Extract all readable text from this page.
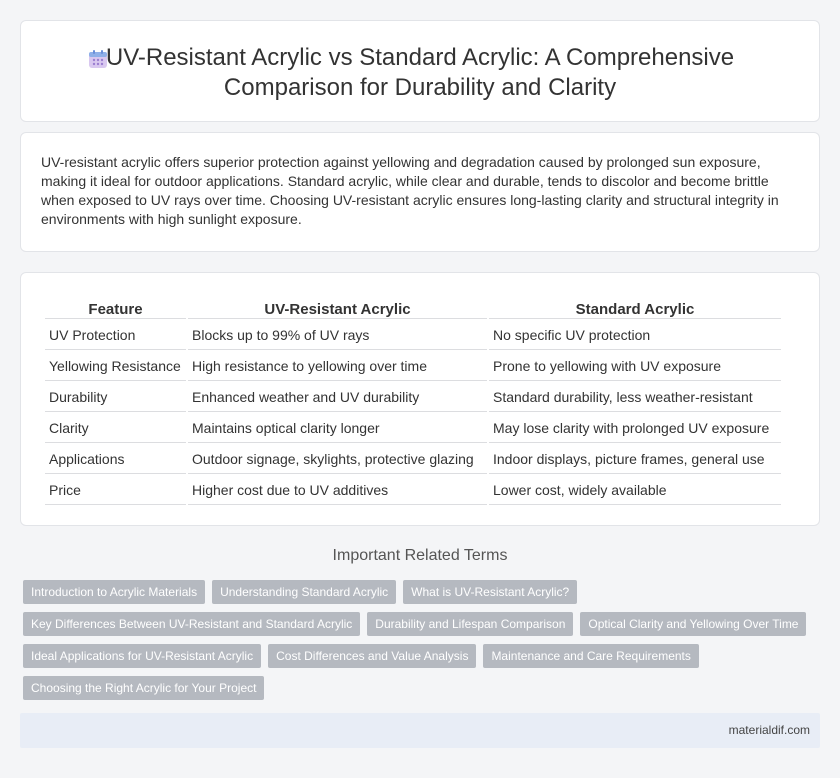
UV-Resistant Acrylic vs Standard Acrylic: A Comprehensive Comparison for Durability and Clarity

UV-resistant acrylic offers superior protection against yellowing and degradation caused by prolonged sun exposure, making it ideal for outdoor applications. Standard acrylic, while clear and durable, tends to discolor and become brittle when exposed to UV rays over time. Choosing UV-resistant acrylic ensures long-lasting clarity and structural integrity in environments with high sunlight exposure.

Feature	UV-Resistant Acrylic	Standard Acrylic
UV Protection	Blocks up to 99% of UV rays	No specific UV protection
Yellowing Resistance	High resistance to yellowing over time	Prone to yellowing with UV exposure
Durability	Enhanced weather and UV durability	Standard durability, less weather-resistant
Clarity	Maintains optical clarity longer	May lose clarity with prolonged UV exposure
Applications	Outdoor signage, skylights, protective glazing	Indoor displays, picture frames, general use
Price	Higher cost due to UV additives	Lower cost, widely available
Important Related Terms
Introduction to Acrylic Materials	Understanding Standard Acrylic	What is UV-Resistant Acrylic?
Key Differences Between UV-Resistant and Standard Acrylic	Durability and Lifespan Comparison	Optical Clarity and Yellowing Over Time
Ideal Applications for UV-Resistant Acrylic	Cost Differences and Value Analysis	Maintenance and Care Requirements
Choosing the Right Acrylic for Your Project
materialdif.com
